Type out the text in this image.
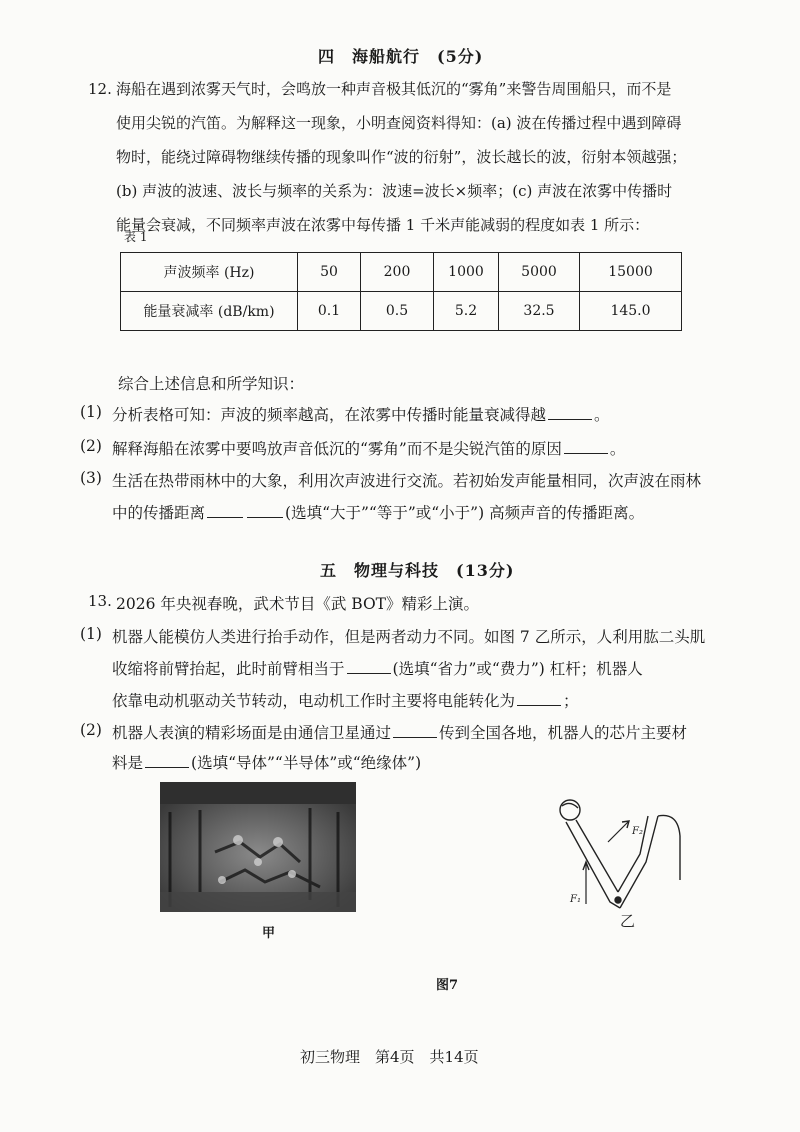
四　海船航行　(5分)
12. 海船在遇到浓雾天气时，会鸣放一种声音极其低沉的“雾角”来警告周围船只，而不是
使用尖锐的汽笛。为解释这一现象，小明查阅资料得知：(a) 波在传播过程中遇到障碍
物时，能绕过障碍物继续传播的现象叫作“波的衍射”，波长越长的波，衍射本领越强；
(b) 声波的波速、波长与频率的关系为：波速=波长×频率；(c) 声波在浓雾中传播时
能量会衰减，不同频率声波在浓雾中每传播 1 千米声能减弱的程度如表 1 所示：
表 1
声波频率 (Hz)	50	200	1000	5000	15000
能量衰减率 (dB/km)	0.1	0.5	5.2	32.5	145.0
综合上述信息和所学知识：
(1) 分析表格可知：声波的频率越高，在浓雾中传播时能量衰减得越	。
(2) 解释海船在浓雾中要鸣放声音低沉的“雾角”而不是尖锐汽笛的原因	。
(3) 生活在热带雨林中的大象，利用次声波进行交流。若初始发声能量相同，次声波在雨林
中的传播距离	(选填“大于”“等于”或“小于”) 高频声音的传播距离。
五　物理与科技　(13分)
13. 2026 年央视春晚，武术节目《武 BOT》精彩上演。
(1) 机器人能模仿人类进行抬手动作，但是两者动力不同。如图 7 乙所示，人利用肱二头肌
收缩将前臂抬起，此时前臂相当于	(选填“省力”或“费力”) 杠杆；机器人
依靠电动机驱动关节转动，电动机工作时主要将电能转化为	；
(2) 机器人表演的精彩场面是由通信卫星通过	传到全国各地，机器人的芯片主要材
料是	(选填“导体”“半导体”或“绝缘体”)
甲
F₂
F₁
乙
图7
初三物理　第4页　共14页
